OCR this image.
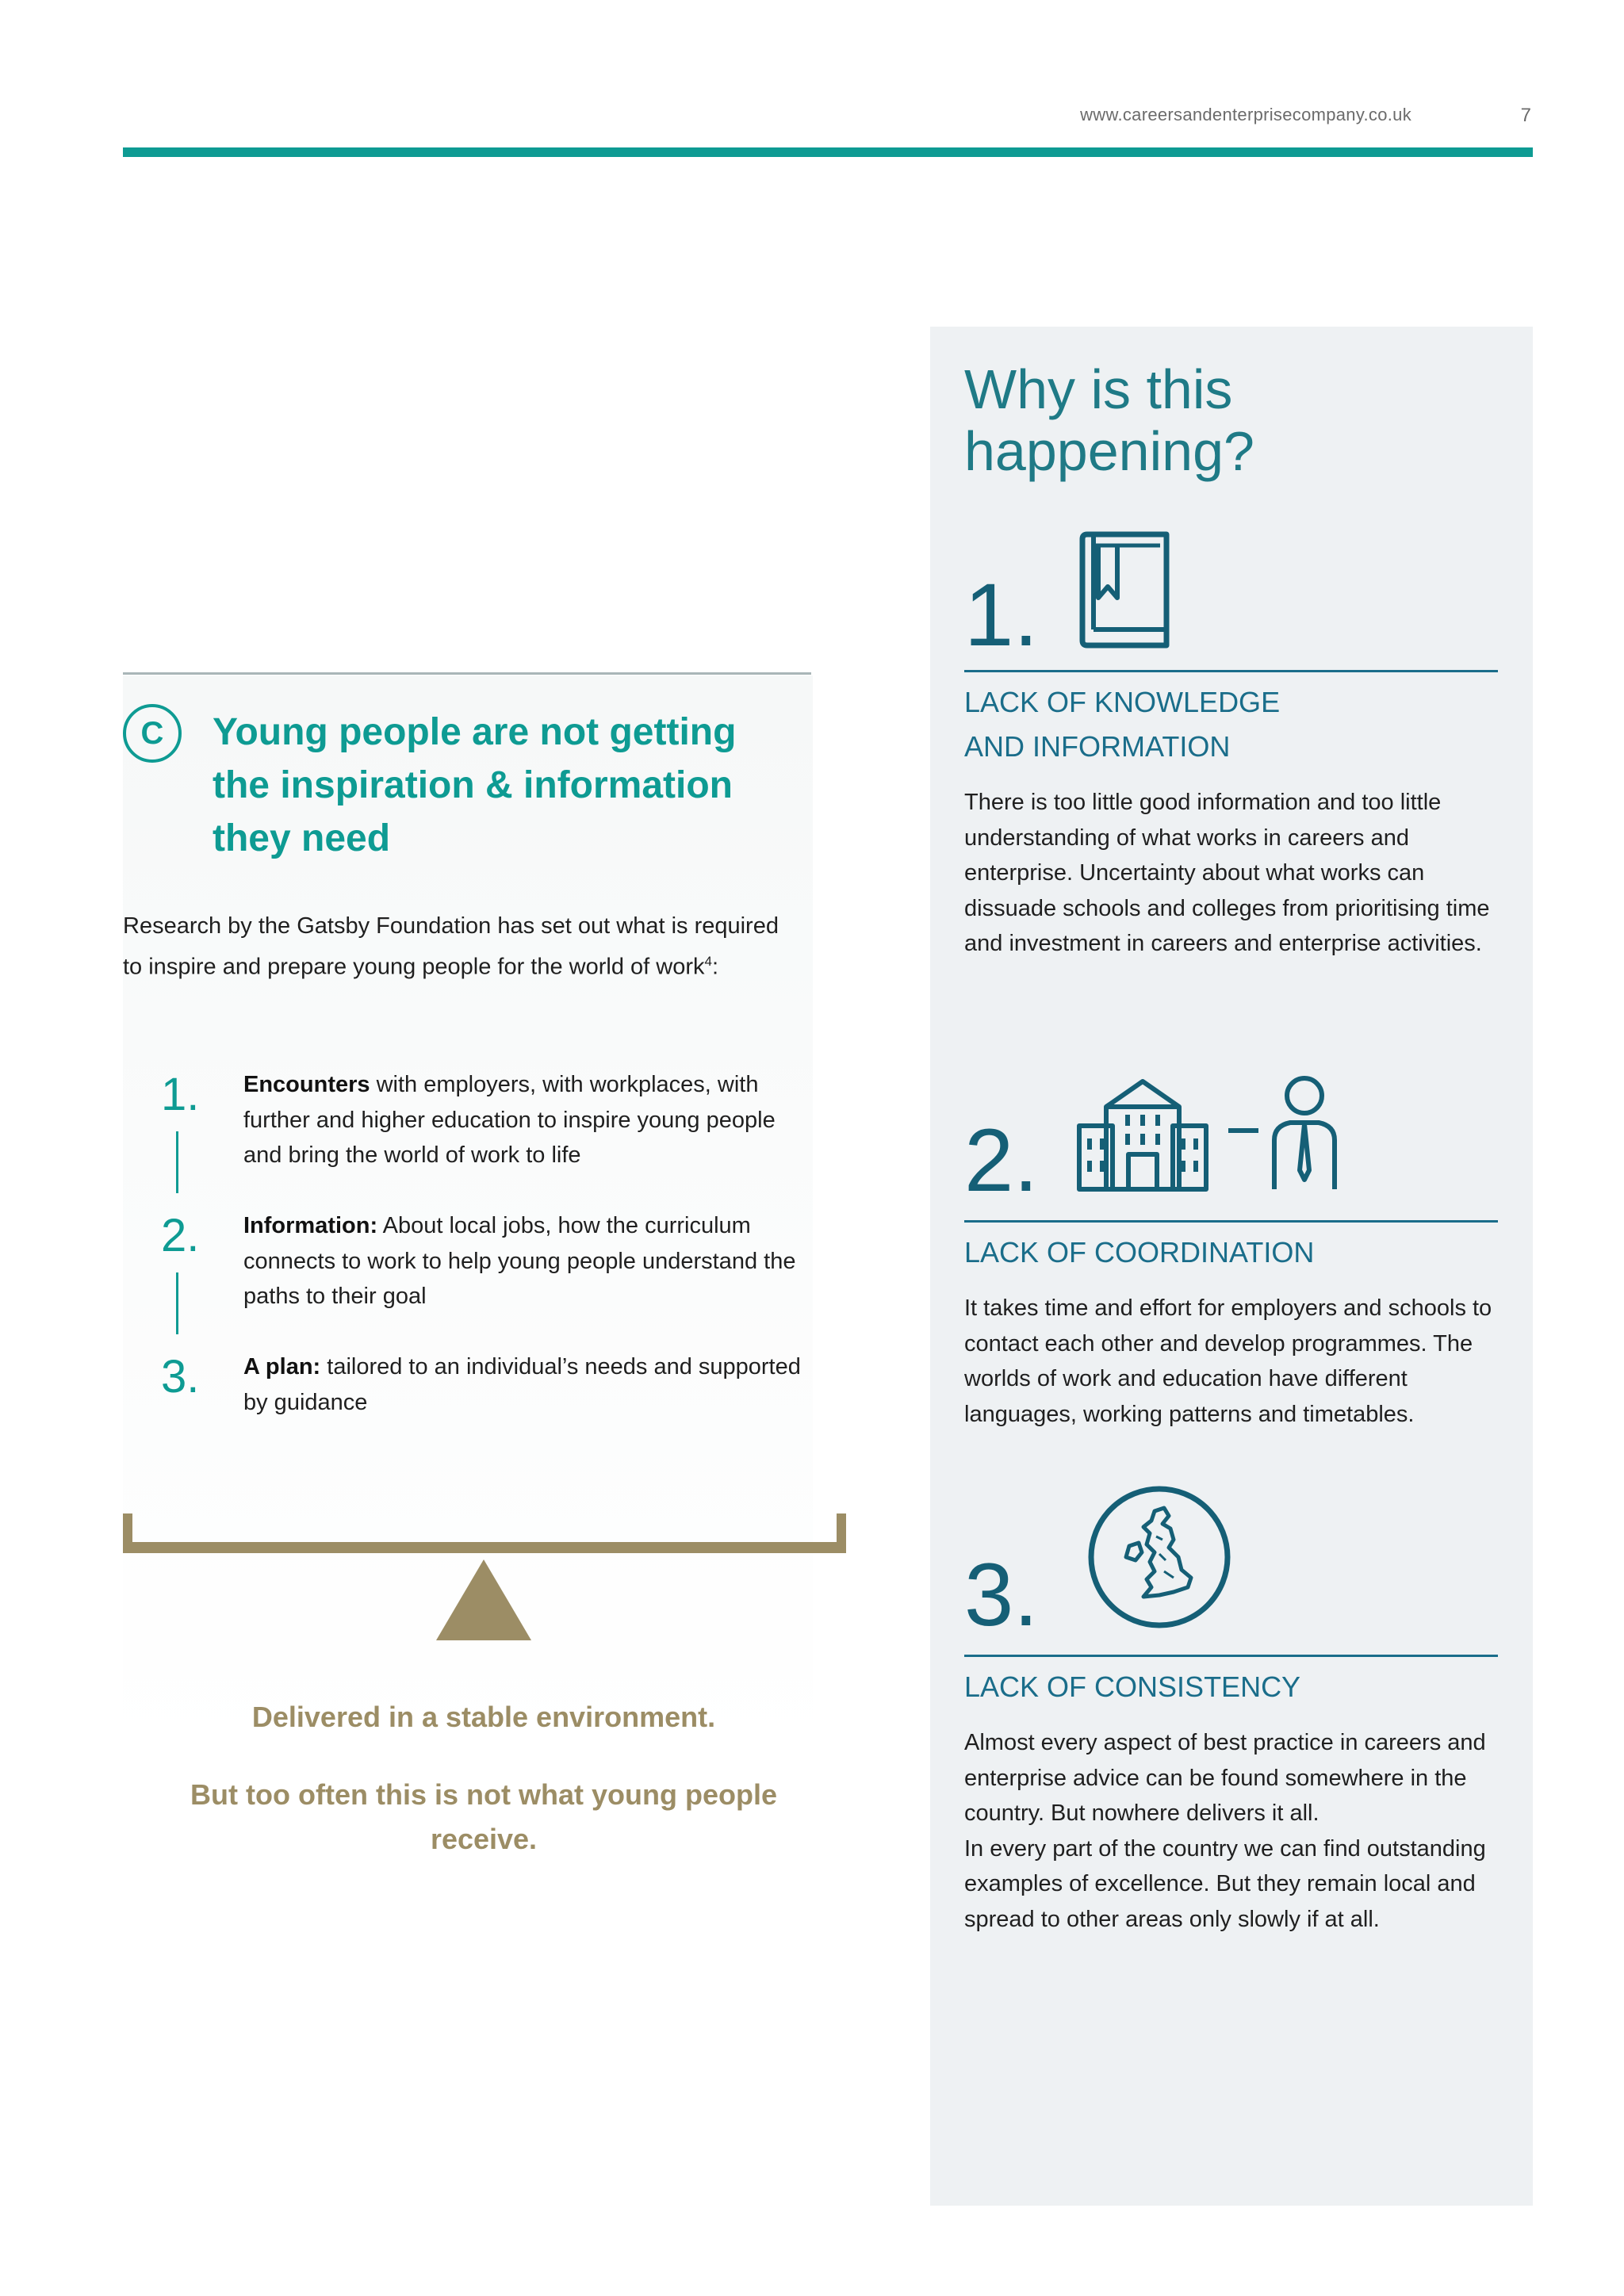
www.careersandenterprisecompany.co.uk	7
C Young people are not getting
the inspiration & information
they need

Research by the Gatsby Foundation has set out what is required to inspire and prepare young people for the world of work$^4$:

1.	Encounters with employers, with workplaces, with further and higher education to inspire young people and bring the world of work to life

2.	Information: About local jobs, how the curriculum connects to work to help young people understand the paths to their goal

3.	A plan: tailored to an individual’s needs and supported by guidance

Delivered in a stable environment.
But too often this is not what young people receive.
Why is this happening?
1.
LACK OF KNOWLEDGE
AND INFORMATION

There is too little good information and too little understanding of what works in careers and enterprise. Uncertainty about what works can dissuade schools and colleges from prioritising time and investment in careers and enterprise activities.

2.
LACK OF COORDINATION

It takes time and effort for employers and schools to contact each other and develop programmes. The worlds of work and education have different languages, working patterns and timetables.

3.
LACK OF CONSISTENCY

Almost every aspect of best practice in careers and enterprise advice can be found somewhere in the country. But nowhere delivers it all.
In every part of the country we can find outstanding examples of excellence. But they remain local and spread to other areas only slowly if at all.
